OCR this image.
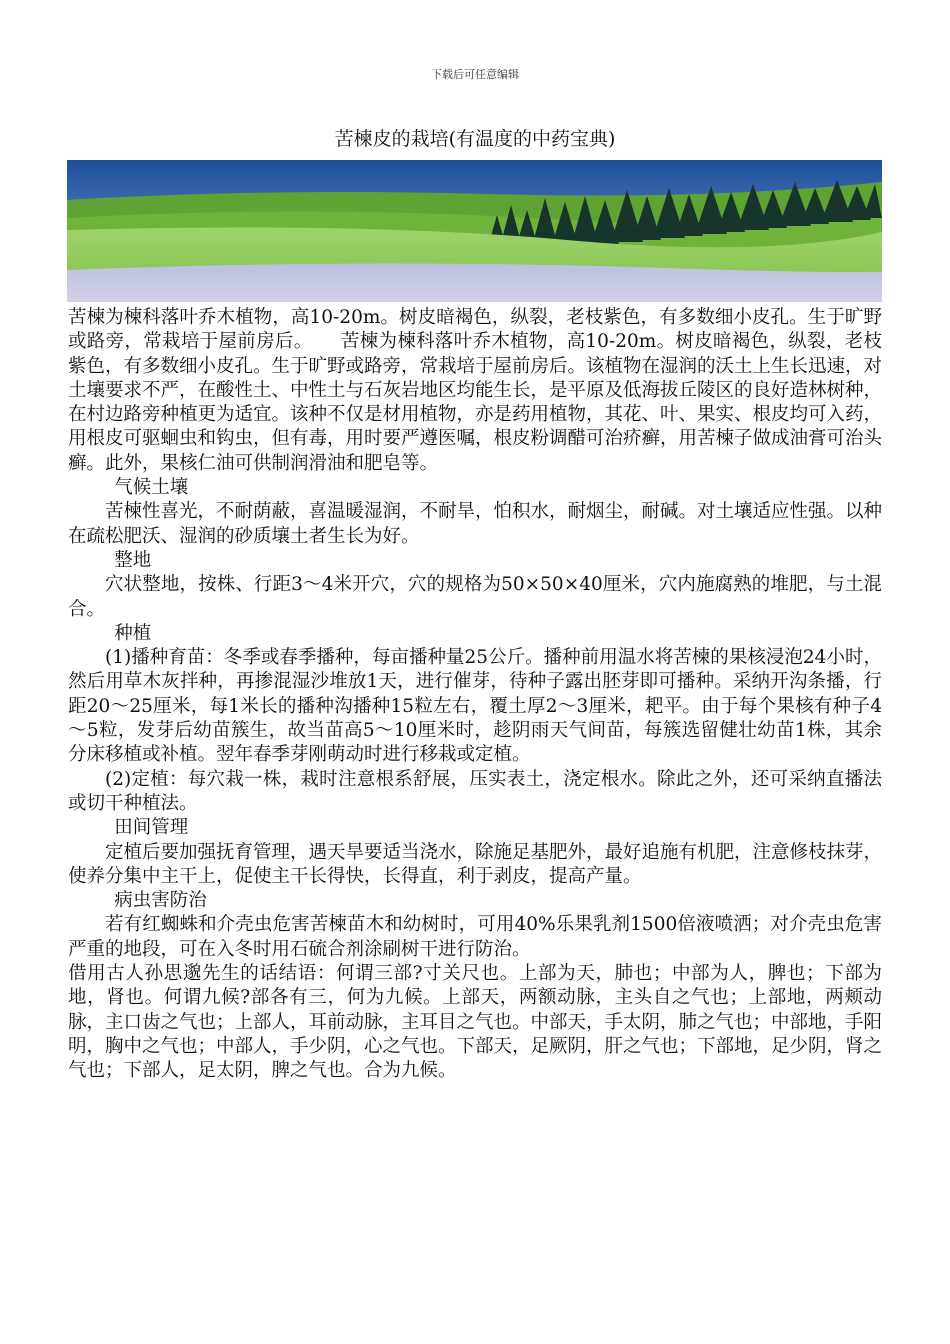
下载后可任意编辑
苦楝皮的栽培(有温度的中药宝典)

苦楝为楝科落叶乔木植物，高10-20m。树皮暗褐色，纵裂，老枝紫色，有多数细小皮孔。生于旷野或路旁，常栽培于屋前房后。　　苦楝为楝科落叶乔木植物，高10-20m。树皮暗褐色，纵裂，老枝紫色，有多数细小皮孔。生于旷野或路旁，常栽培于屋前房后。该植物在湿润的沃土上生长迅速，对土壤要求不严，在酸性土、中性土与石灰岩地区均能生长，是平原及低海拔丘陵区的良好造林树种，在村边路旁种植更为适宜。该种不仅是材用植物，亦是药用植物，其花、叶、果实、根皮均可入药，用根皮可驱蛔虫和钩虫，但有毒，用时要严遵医嘱，根皮粉调醋可治疥癣，用苦楝子做成油膏可治头癣。此外，果核仁油可供制润滑油和肥皂等。

气候土壤

苦楝性喜光，不耐荫蔽，喜温暖湿润，不耐旱，怕积水，耐烟尘，耐碱。对土壤适应性强。以种在疏松肥沃、湿润的砂质壤土者生长为好。

整地

穴状整地，按株、行距3～4米开穴，穴的规格为50×50×40厘米，穴内施腐熟的堆肥，与土混合。

种植

(1)播种育苗：冬季或春季播种，每亩播种量25公斤。播种前用温水将苦楝的果核浸泡24小时，然后用草木灰拌种，再掺混湿沙堆放1天，进行催芽，待种子露出胚芽即可播种。采纳开沟条播，行距20～25厘米，每1米长的播种沟播种15粒左右，覆土厚2～3厘米，耙平。由于每个果核有种子4～5粒，发芽后幼苗簇生，故当苗高5～10厘米时，趁阴雨天气间苗，每簇选留健壮幼苗1株，其余分床移植或补植。翌年春季芽刚萌动时进行移栽或定植。

(2)定植：每穴栽一株，栽时注意根系舒展，压实表土，浇定根水。除此之外，还可采纳直播法或切干种植法。

田间管理

定植后要加强抚育管理，遇天旱要适当浇水，除施足基肥外，最好追施有机肥，注意修枝抹芽，使养分集中主干上，促使主干长得快，长得直，利于剥皮，提高产量。

病虫害防治

若有红蜘蛛和介壳虫危害苦楝苗木和幼树时，可用40%乐果乳剂1500倍液喷洒；对介壳虫危害严重的地段，可在入冬时用石硫合剂涂刷树干进行防治。

借用古人孙思邈先生的话结语：何谓三部?寸关尺也。上部为天，肺也；中部为人，脾也；下部为地，肾也。何谓九候?部各有三，何为九候。上部天，两额动脉，主头自之气也；上部地，两颊动脉，主口齿之气也；上部人，耳前动脉，主耳目之气也。中部天，手太阴，肺之气也；中部地，手阳明，胸中之气也；中部人，手少阴，心之气也。下部天，足厥阴，肝之气也；下部地，足少阴，肾之气也；下部人，足太阴，脾之气也。合为九候。
